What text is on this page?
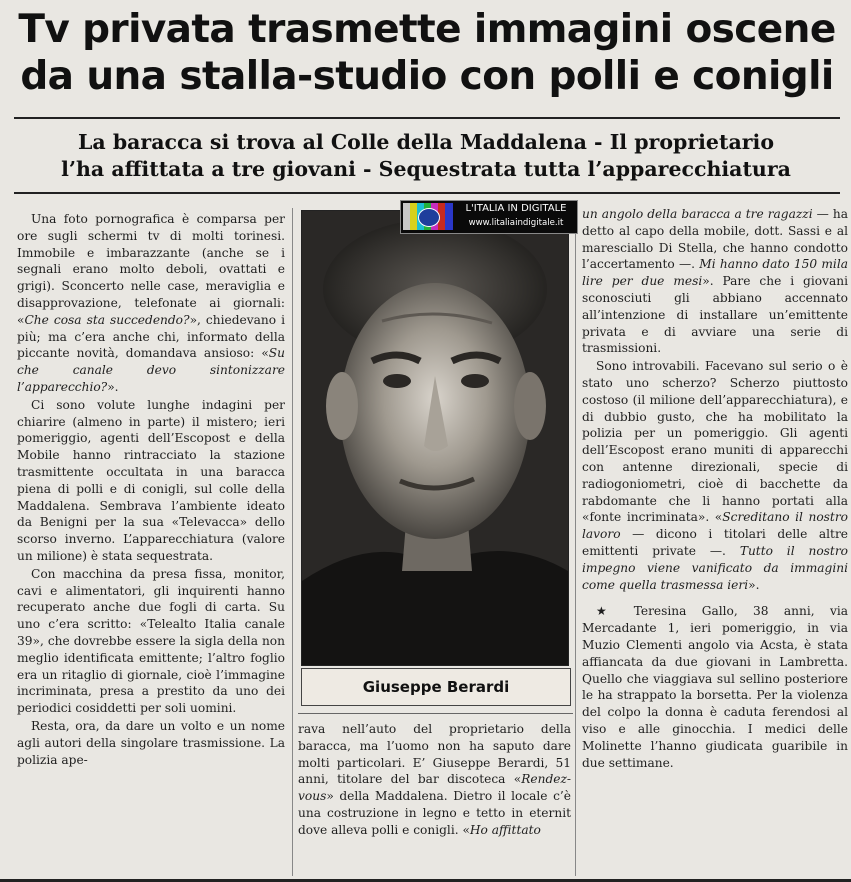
Tv privata trasmette immagini oscene
da una stalla-studio con polli e conigli
La baracca si trova al Colle della Maddalena - Il proprietario
l’ha affittata a tre giovani - Sequestrata tutta l’apparecchiatura

Una foto pornografica è comparsa per ore sugli schermi tv di molti torinesi. Immobile e imbarazzante (anche se i segnali erano molto deboli, ovattati e grigi). Sconcerto nelle case, meraviglia e disapprovazione, telefonate ai giornali: «Che cosa sta succedendo?», chiedevano i più; ma c’era anche chi, informato della piccante novità, domandava ansioso: «Su che canale devo sintonizzare l’apparecchio?».

Ci sono volute lunghe indagini per chiarire (almeno in parte) il mistero; ieri pomeriggio, agenti dell’Escopost e della Mobile hanno rintracciato la stazione trasmittente occultata in una baracca piena di polli e di conigli, sul colle della Maddalena. Sembrava l’ambiente ideato da Benigni per la sua «Televacca» dello scorso inverno. L’apparecchiatura (valore un milione) è stata sequestrata.

Con macchina da presa fissa, monitor, cavi e alimentatori, gli inquirenti hanno recuperato anche due fogli di carta. Su uno c’era scritto: «Telealto Italia canale 39», che dovrebbe essere la sigla della non meglio identificata emittente; l’altro foglio era un ritaglio di giornale, cioè l’immagine incriminata, presa a prestito da uno dei periodici cosiddetti per soli uomini.

Resta, ora, da dare un volto e un nome agli autori della singolare trasmissione. La polizia ape-

Giuseppe Berardi

rava nell’auto del proprietario della baracca, ma l’uomo non ha saputo dare molti particolari. E’ Giuseppe Berardi, 51 anni, titolare del bar discoteca «Rendez-vous» della Maddalena. Dietro il locale c’è una costruzione in legno e tetto in eternit dove alleva polli e conigli. «Ho affittato

un angolo della baracca a tre ragazzi — ha detto al capo della mobile, dott. Sassi e al maresciallo Di Stella, che hanno condotto l’accertamento —. Mi hanno dato 150 mila lire per due mesi». Pare che i giovani sconosciuti gli abbiano accennato all’intenzione di installare un’emittente privata e di avviare una serie di trasmissioni.

Sono introvabili. Facevano sul serio o è stato uno scherzo? Scherzo piuttosto costoso (il milione dell’apparecchiatura), e di dubbio gusto, che ha mobilitato la polizia per un pomeriggio. Gli agenti dell’Escopost erano muniti di apparecchi con antenne direzionali, specie di radiogoniometri, cioè di bacchette da rabdomante che li hanno portati alla «fonte incriminata». «Screditano il nostro lavoro — dicono i titolari delle altre emittenti private —. Tutto il nostro impegno viene vanificato da immagini come quella trasmessa ieri».

★ Teresina Gallo, 38 anni, via Mercadante 1, ieri pomeriggio, in via Muzio Clementi angolo via Acsta, è stata affiancata da due giovani in Lambretta. Quello che viaggiava sul sellino posteriore le ha strappato la borsetta. Per la violenza del colpo la donna è caduta ferendosi al viso e alle ginocchia. I medici delle Molinette l’hanno giudicata guaribile in due settimane.

L'ITALIA IN DIGITALE
www.litaliaindigitale.it
